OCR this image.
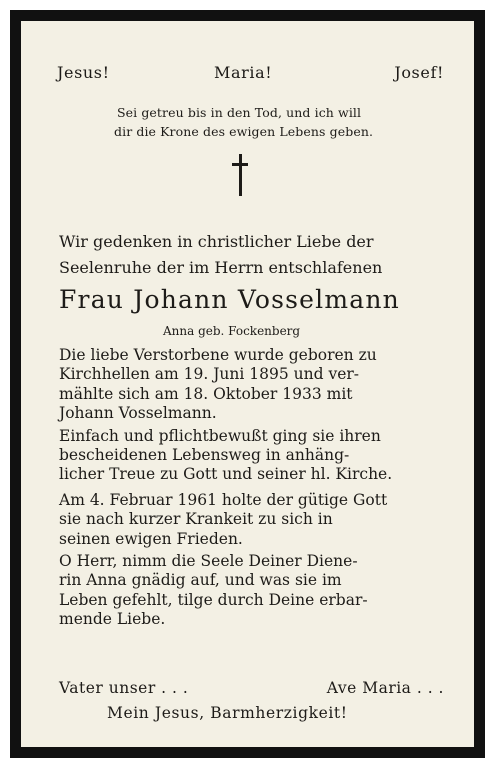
Jesus!	Maria!	Josef!
Sei getreu bis in den Tod, und ich will
dir die Krone des ewigen Lebens geben.
Wir gedenken in christlicher Liebe der
Seelenruhe der im Herrn entschlafenen
Frau Johann Vosselmann
Anna geb. Fockenberg
Die liebe Verstorbene wurde geboren zu
Kirchhellen am 19. Juni 1895 und ver-
mählte sich am 18. Oktober 1933 mit
Johann Vosselmann.
Einfach und pflichtbewußt ging sie ihren
bescheidenen Lebensweg in anhäng-
licher Treue zu Gott und seiner hl. Kirche.
Am 4. Februar 1961 holte der gütige Gott
sie nach kurzer Krankeit zu sich in
seinen ewigen Frieden.
O Herr, nimm die Seele Deiner Diene-
rin Anna gnädig auf, und was sie im
Leben gefehlt, tilge durch Deine erbar-
mende Liebe.
Vater unser . . .	Ave Maria . . .
Mein Jesus, Barmherzigkeit!
